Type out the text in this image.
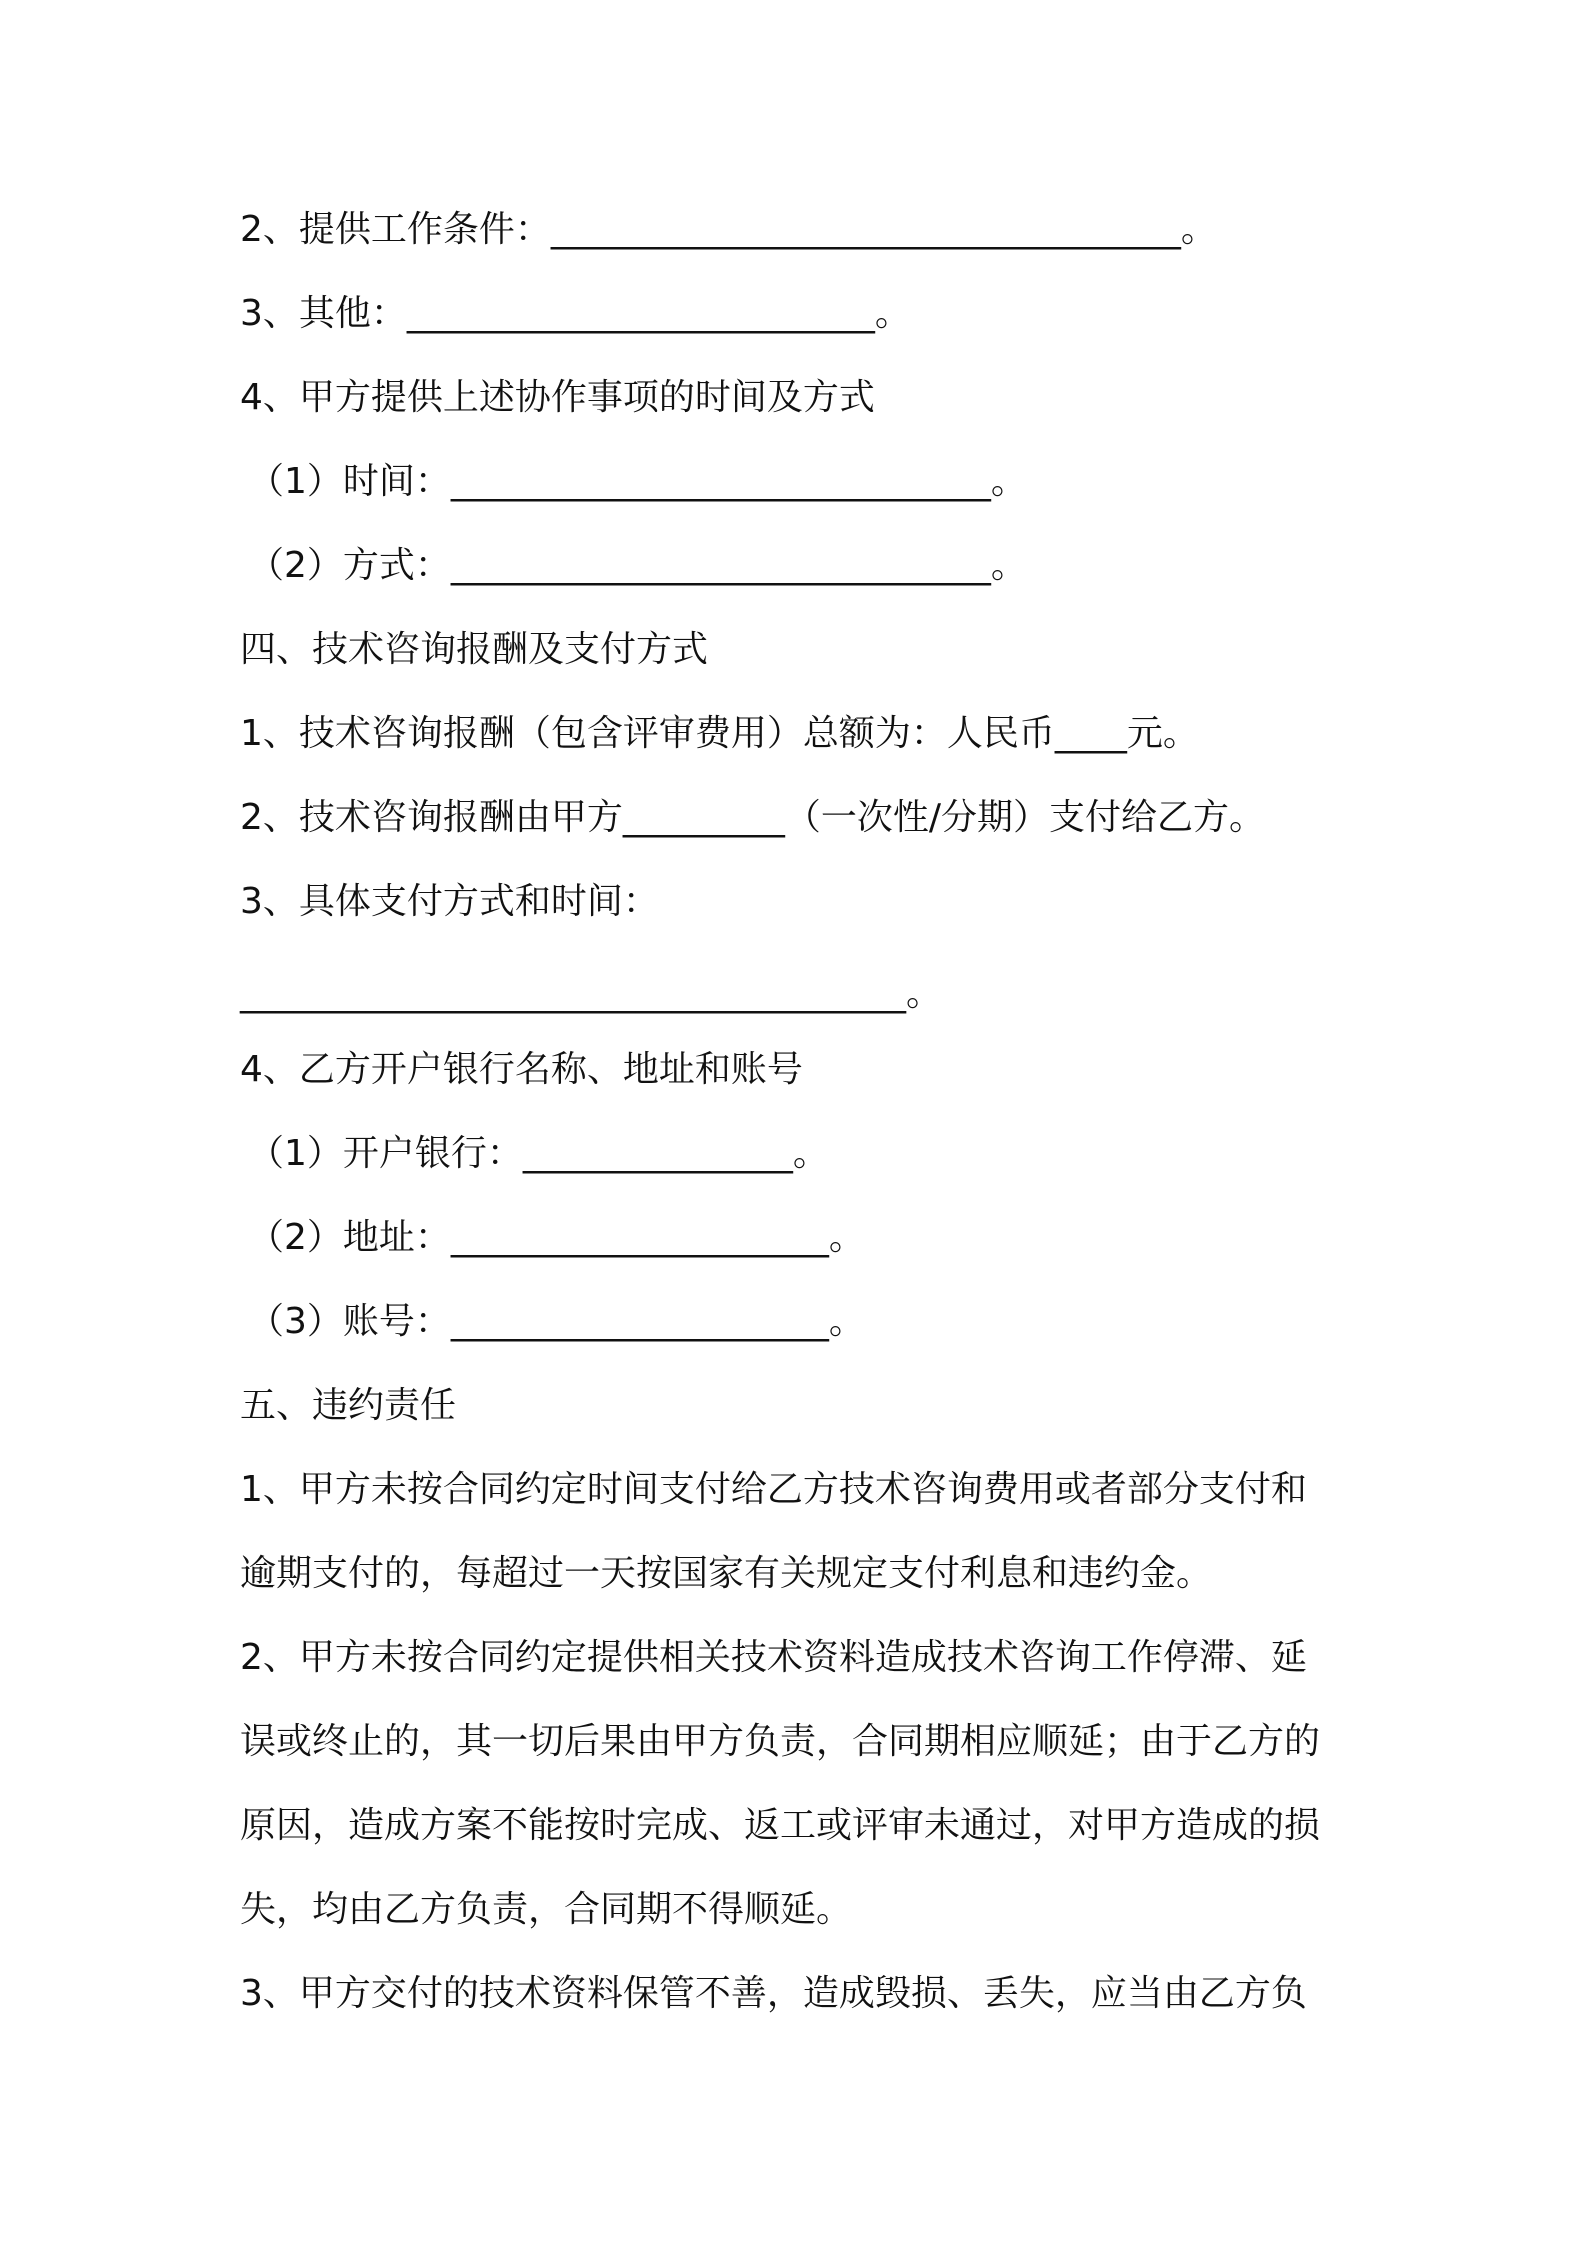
2、提供工作条件：___________________________________。
3、其他：__________________________。
4、甲方提供上述协作事项的时间及方式
（1）时间：______________________________。
（2）方式：______________________________。
四、技术咨询报酬及支付方式
1、技术咨询报酬（包含评审费用）总额为：人民币____元。
2、技术咨询报酬由甲方_________（一次性/分期）支付给乙方。
3、具体支付方式和时间：
_____________________________________。
4、乙方开户银行名称、地址和账号
（1）开户银行：_______________。
（2）地址：_____________________。
（3）账号：_____________________。
五、违约责任
1、甲方未按合同约定时间支付给乙方技术咨询费用或者部分支付和
逾期支付的，每超过一天按国家有关规定支付利息和违约金。
2、甲方未按合同约定提供相关技术资料造成技术咨询工作停滞、延
误或终止的，其一切后果由甲方负责，合同期相应顺延；由于乙方的
原因，造成方案不能按时完成、返工或评审未通过，对甲方造成的损
失，均由乙方负责，合同期不得顺延。
3、甲方交付的技术资料保管不善，造成毁损、丢失，应当由乙方负
